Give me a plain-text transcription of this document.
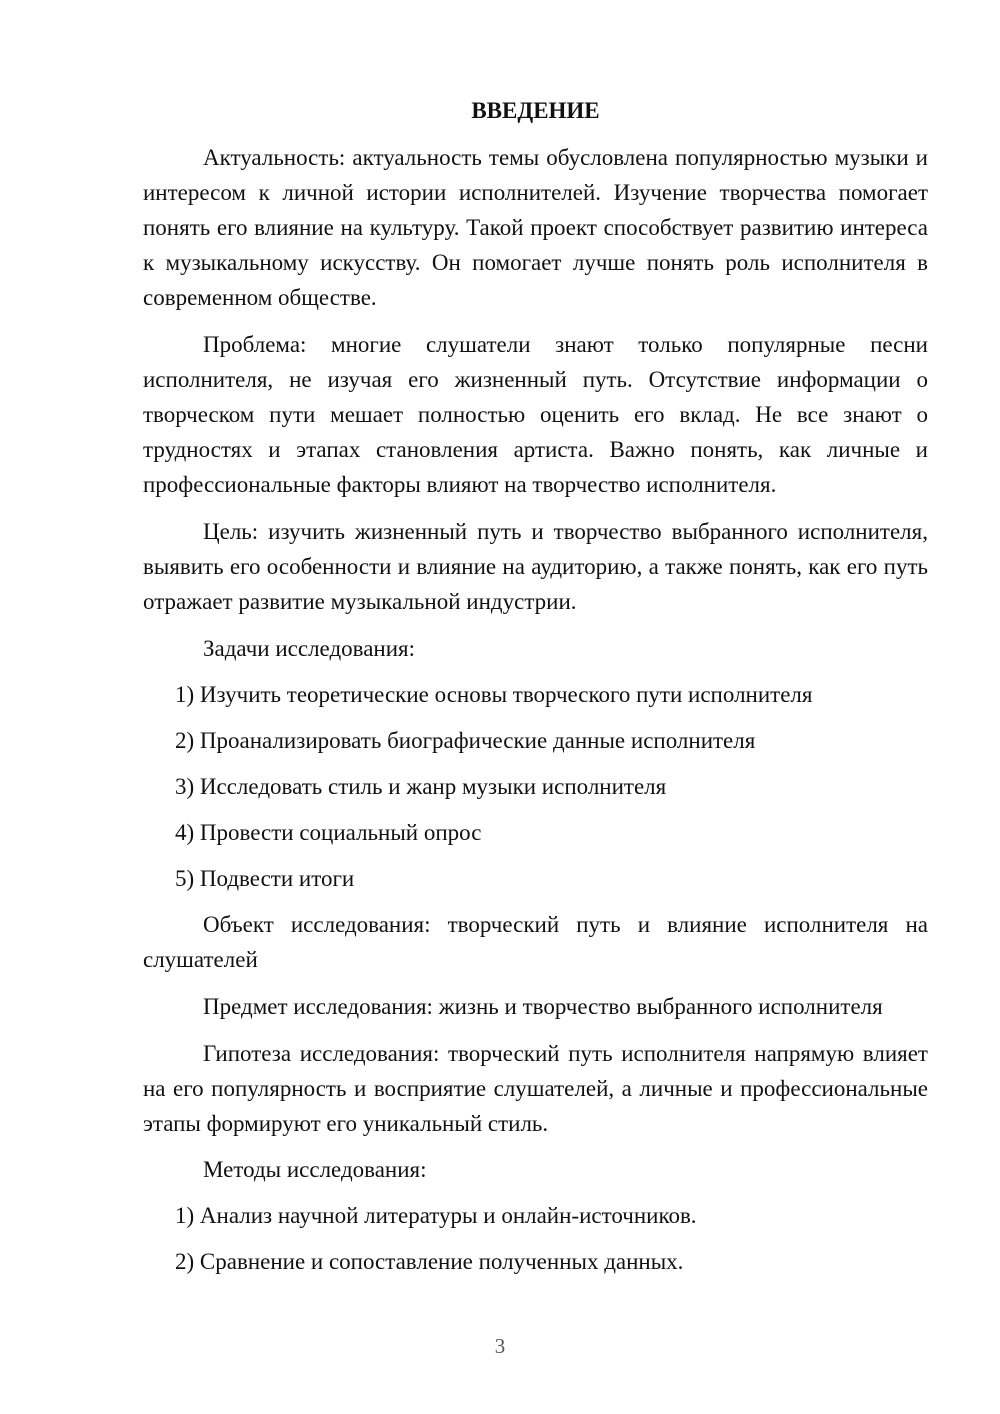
ВВЕДЕНИЕ

Актуальность: актуальность темы обусловлена популярностью музыки и интересом к личной истории исполнителей. Изучение творчества помогает понять его влияние на культуру. Такой проект способствует развитию интереса к музыкальному искусству. Он помогает лучше понять роль исполнителя в современном обществе.

Проблема: многие слушатели знают только популярные песни исполнителя, не изучая его жизненный путь. Отсутствие информации о творческом пути мешает полностью оценить его вклад. Не все знают о трудностях и этапах становления артиста. Важно понять, как личные и профессиональные факторы влияют на творчество исполнителя.

Цель: изучить жизненный путь и творчество выбранного исполнителя, выявить его особенности и влияние на аудиторию, а также понять, как его путь отражает развитие музыкальной индустрии.

Задачи исследования:

1) Изучить теоретические основы творческого пути исполнителя

2) Проанализировать биографические данные исполнителя

3) Исследовать стиль и жанр музыки исполнителя

4) Провести социальный опрос

5) Подвести итоги

Объект исследования: творческий путь и влияние исполнителя на слушателей

Предмет исследования: жизнь и творчество выбранного исполнителя

Гипотеза исследования: творческий путь исполнителя напрямую влияет на его популярность и восприятие слушателей, а личные и профессиональные этапы формируют его уникальный стиль.

Методы исследования:

1) Анализ научной литературы и онлайн-источников.

2) Сравнение и сопоставление полученных данных.

3
